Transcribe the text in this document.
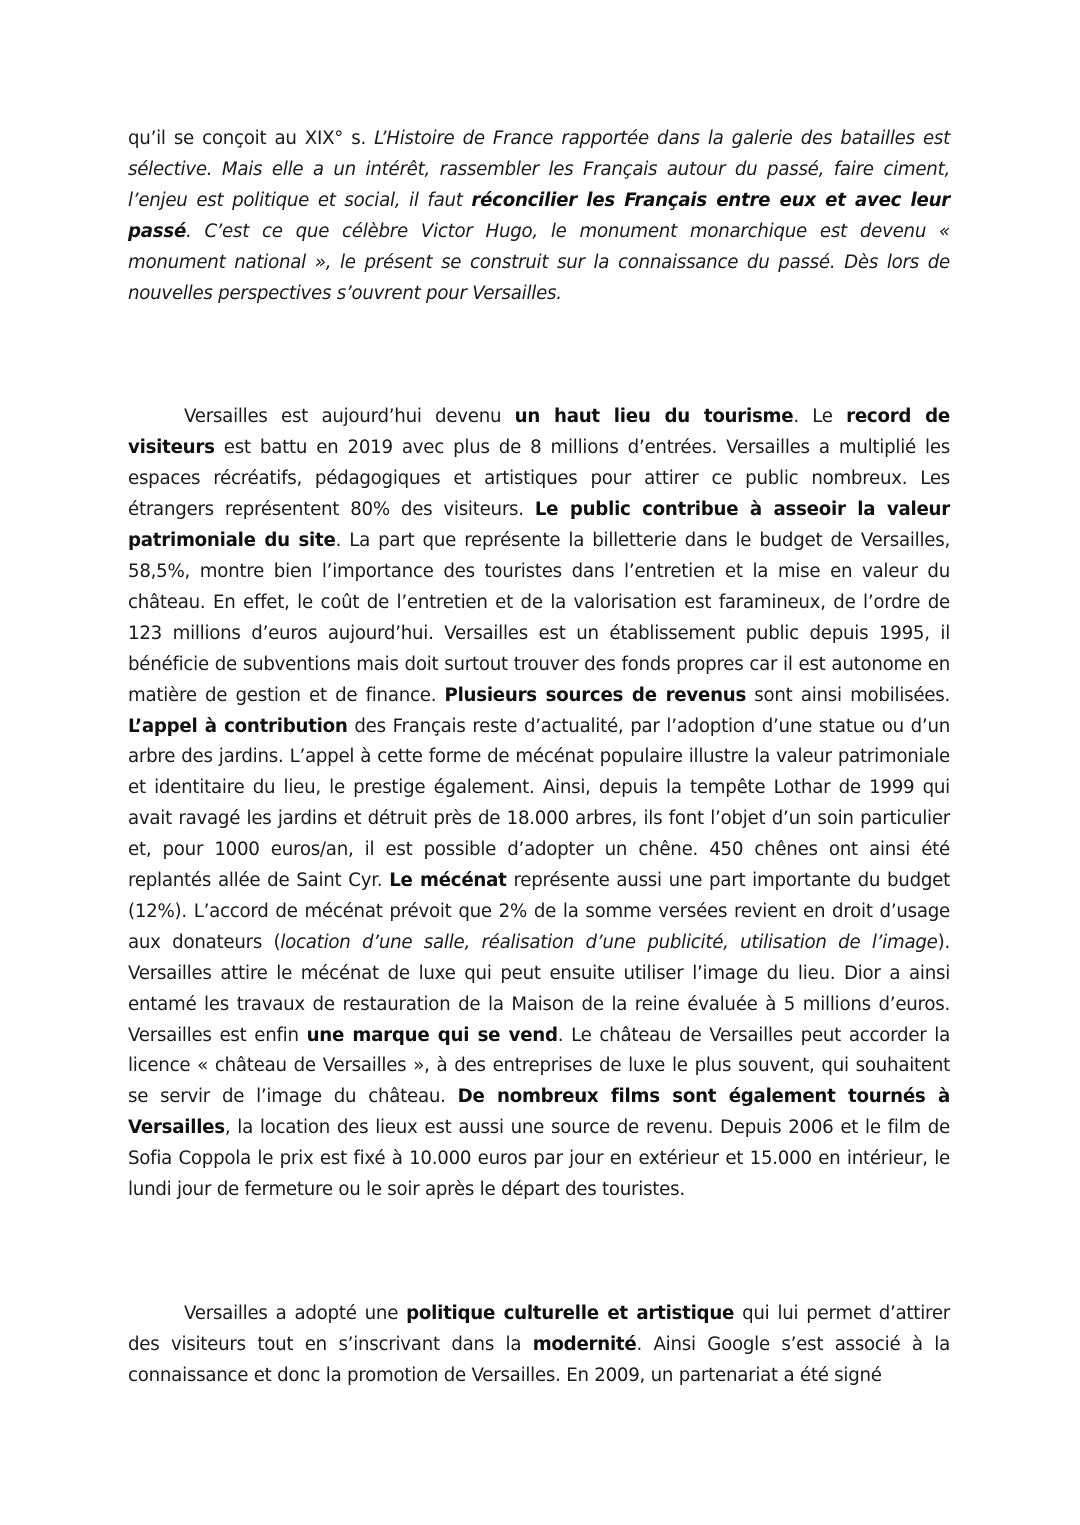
qu’il se conçoit au XIX° s. L’Histoire de France rapportée dans la galerie des batailles est sélective. Mais elle a un intérêt, rassembler les Français autour du passé, faire ciment, l’enjeu est politique et social, il faut réconcilier les Français entre eux et avec leur passé. C’est ce que célèbre Victor Hugo, le monument monarchique est devenu « monument national », le présent se construit sur la connaissance du passé. Dès lors de nouvelles perspectives s’ouvrent pour Versailles.

Versailles est aujourd’hui devenu un haut lieu du tourisme. Le record de visiteurs est battu en 2019 avec plus de 8 millions d’entrées. Versailles a multiplié les espaces récréatifs, pédagogiques et artistiques pour attirer ce public nombreux. Les étrangers représentent 80% des visiteurs. Le public contribue à asseoir la valeur patrimoniale du site. La part que représente la billetterie dans le budget de Versailles, 58,5%, montre bien l’importance des touristes dans l’entretien et la mise en valeur du château. En effet, le coût de l’entretien et de la valorisation est faramineux, de l’ordre de 123 millions d’euros aujourd’hui. Versailles est un établissement public depuis 1995, il bénéficie de subventions mais doit surtout trouver des fonds propres car il est autonome en matière de gestion et de finance. Plusieurs sources de revenus sont ainsi mobilisées. L’appel à contribution des Français reste d’actualité, par l’adoption d’une statue ou d’un arbre des jardins. L’appel à cette forme de mécénat populaire illustre la valeur patrimoniale et identitaire du lieu, le prestige également. Ainsi, depuis la tempête Lothar de 1999 qui avait ravagé les jardins et détruit près de 18.000 arbres, ils font l’objet d’un soin particulier et, pour 1000 euros/an, il est possible d’adopter un chêne. 450 chênes ont ainsi été replantés allée de Saint Cyr. Le mécénat représente aussi une part importante du budget (12%). L’accord de mécénat prévoit que 2% de la somme versées revient en droit d’usage aux donateurs (location d’une salle, réalisation d’une publicité, utilisation de l’image). Versailles attire le mécénat de luxe qui peut ensuite utiliser l’image du lieu. Dior a ainsi entamé les travaux de restauration de la Maison de la reine évaluée à 5 millions d’euros. Versailles est enfin une marque qui se vend. Le château de Versailles peut accorder la licence « château de Versailles », à des entreprises de luxe le plus souvent, qui souhaitent se servir de l’image du château. De nombreux films sont également tournés à Versailles, la location des lieux est aussi une source de revenu. Depuis 2006 et le film de Sofia Coppola le prix est fixé à 10.000 euros par jour en extérieur et 15.000 en intérieur, le lundi jour de fermeture ou le soir après le départ des touristes.

Versailles a adopté une politique culturelle et artistique qui lui permet d’attirer des visiteurs tout en s’inscrivant dans la modernité. Ainsi Google s’est associé à la connaissance et donc la promotion de Versailles. En 2009, un partenariat a été signé
